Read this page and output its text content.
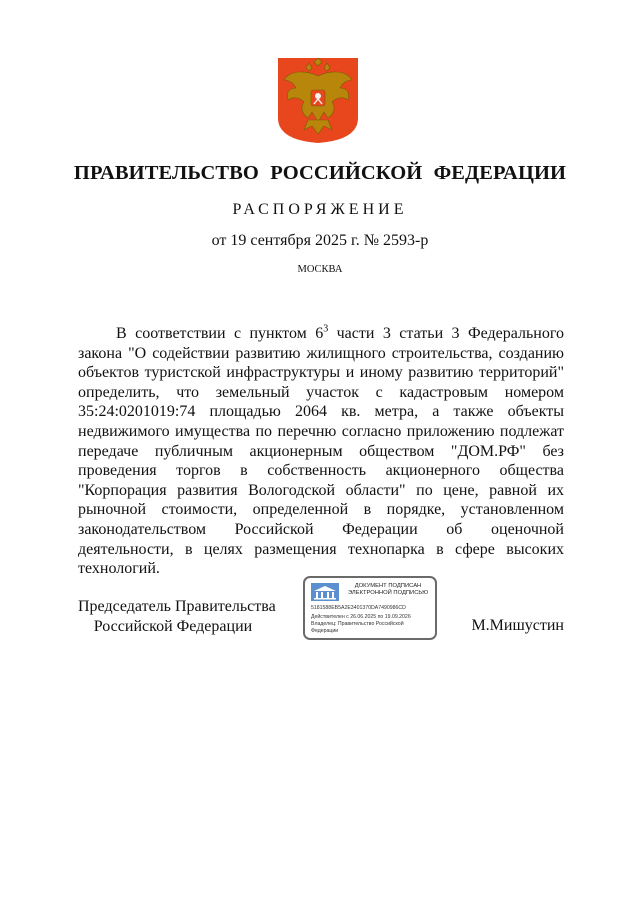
ПРАВИТЕЛЬСТВО РОССИЙСКОЙ ФЕДЕРАЦИИ
РАСПОРЯЖЕНИЕ
от 19 сентября 2025 г. № 2593-р
МОСКВА

В соответствии с пунктом $6^3$ части 3 статьи 3 Федерального закона "О содействии развитию жилищного строительства, созданию объектов туристской инфраструктуры и иному развитию территорий" определить, что земельный участок с кадастровым номером 35:24:0201019:74 площадью 2064 кв. метра, а также объекты недвижимого имущества по перечню согласно приложению подлежат передаче публичным акционерным обществом "ДОМ.РФ" без проведения торгов в собственность акционерного общества "Корпорация развития Вологодской области" по цене, равной их рыночной стоимости, определенной в порядке, установленном законодательством Российской Федерации об оценочной деятельности, в целях размещения технопарка в сфере высоких технологий.

Председатель Правительства
Российской Федерации
ДОКУМЕНТ ПОДПИСАН
ЭЛЕКТРОННОЙ ПОДПИСЬЮ
5181588EB5A2E3401370DA7490986CD
Действителен с 26.06.2025 по 19.09.2026
Владелец: Правительство Российской
Федерации	М.Мишустин
